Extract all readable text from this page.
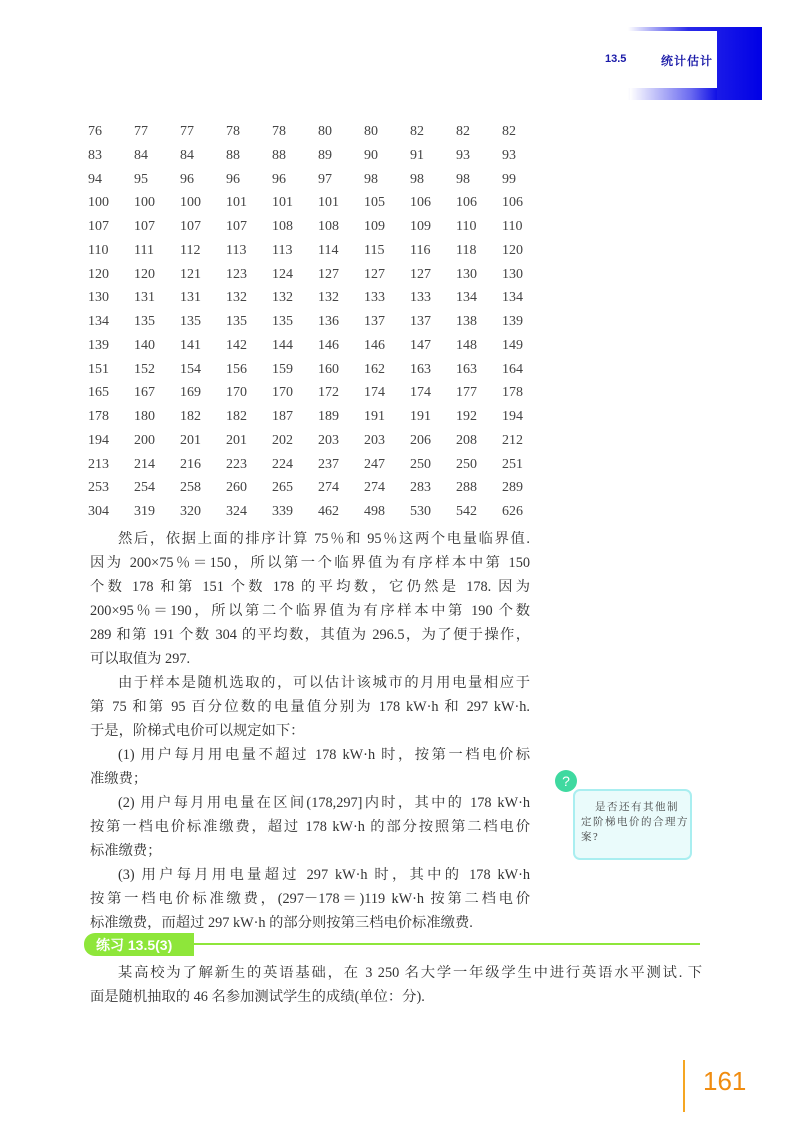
13.5	统计估计
76	77	77	78	78	80	80	82	82	82
83	84	84	88	88	89	90	91	93	93
94	95	96	96	96	97	98	98	98	99
100	100	100	101	101	101	105	106	106	106
107	107	107	107	108	108	109	109	110	110
110	111	112	113	113	114	115	116	118	120
120	120	121	123	124	127	127	127	130	130
130	131	131	132	132	132	133	133	134	134
134	135	135	135	135	136	137	137	138	139
139	140	141	142	144	146	146	147	148	149
151	152	154	156	159	160	162	163	163	164
165	167	169	170	170	172	174	174	177	178
178	180	182	182	187	189	191	191	192	194
194	200	201	201	202	203	203	206	208	212
213	214	216	223	224	237	247	250	250	251
253	254	258	260	265	274	274	283	288	289
304	319	320	324	339	462	498	530	542	626
然后，依据上面的排序计算 75％和 95％这两个电量临界值.
因为 200×75％＝150，所以第一个临界值为有序样本中第 150
个数 178 和第 151 个数 178 的平均数，它仍然是 178. 因为
200×95％＝190，所以第二个临界值为有序样本中第 190 个数
289 和第 191 个数 304 的平均数，其值为 296.5，为了便于操作，
可以取值为 297.
由于样本是随机选取的，可以估计该城市的月用电量相应于
第 75 和第 95 百分位数的电量值分别为 178 kW·h 和 297 kW·h.
于是，阶梯式电价可以规定如下：
(1) 用户每月用电量不超过 178 kW·h 时，按第一档电价标
准缴费；
(2) 用户每月用电量在区间(178,297]内时，其中的 178 kW·h
按第一档电价标准缴费，超过 178 kW·h 的部分按照第二档电价
标准缴费；
(3) 用户每月用电量超过 297 kW·h 时，其中的 178 kW·h
按第一档电价标准缴费，(297－178＝)119 kW·h 按第二档电价
标准缴费，而超过 297 kW·h 的部分则按第三档电价标准缴费.
?
是否还有其他制
定阶梯电价的合理方
案?
练习 13.5(3)
某高校为了解新生的英语基础，在 3 250 名大学一年级学生中进行英语水平测试. 下
面是随机抽取的 46 名参加测试学生的成绩(单位：分).
161
